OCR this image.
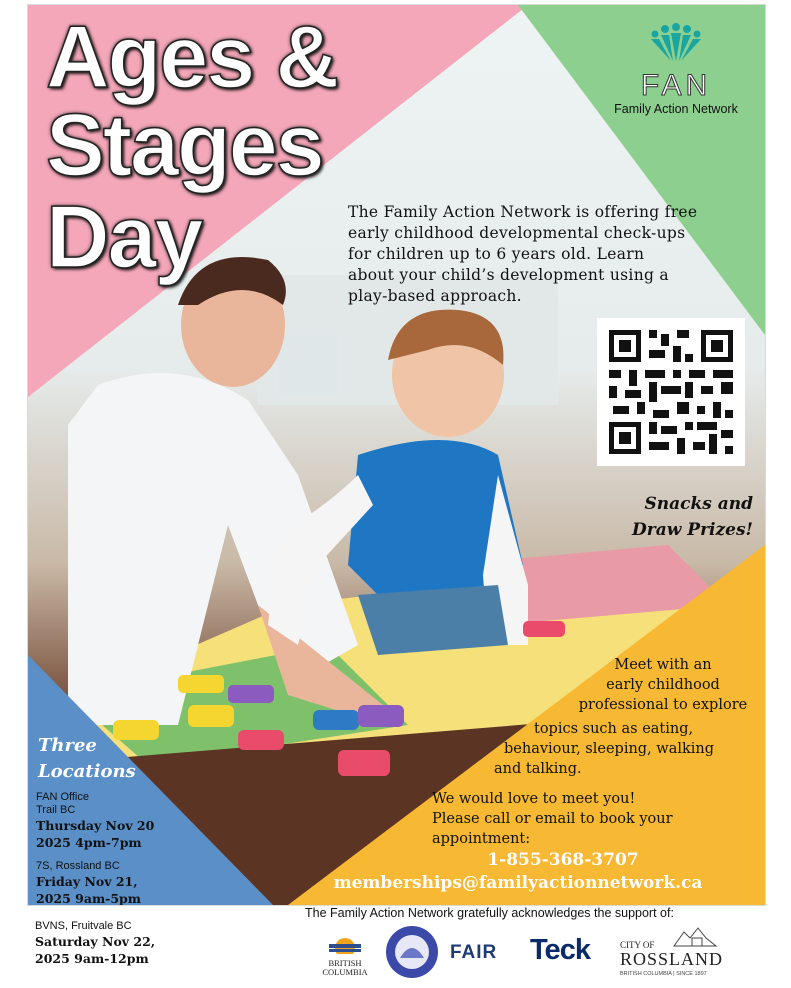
Ages &
Stages
Day
FAN
Family Action Network
The Family Action Network is offering free
early childhood developmental check-ups
for children up to 6 years old. Learn
about your child’s development using a
play-based approach.
Snacks and
Draw Prizes!
Meet with an
early childhood
professional to explore
topics such as eating,
behaviour, sleeping, walking
and talking.
We would love to meet you!
Please call or email to book your
appointment:
1-855-368-3707
memberships@familyactionnetwork.ca
Three
Locations
FAN Office
Trail BC
Thursday Nov 20
2025 4pm-7pm
7S, Rossland BC
Friday Nov 21,
2025 9am-5pm
BVNS, Fruitvale BC
Saturday Nov 22,
2025 9am-12pm
The Family Action Network gratefully acknowledges the support of:
BRITISH
COLUMBIA
FAIR Teck	CITY OF
ROSSLAND
BRITISH COLUMBIA | SINCE 1897
